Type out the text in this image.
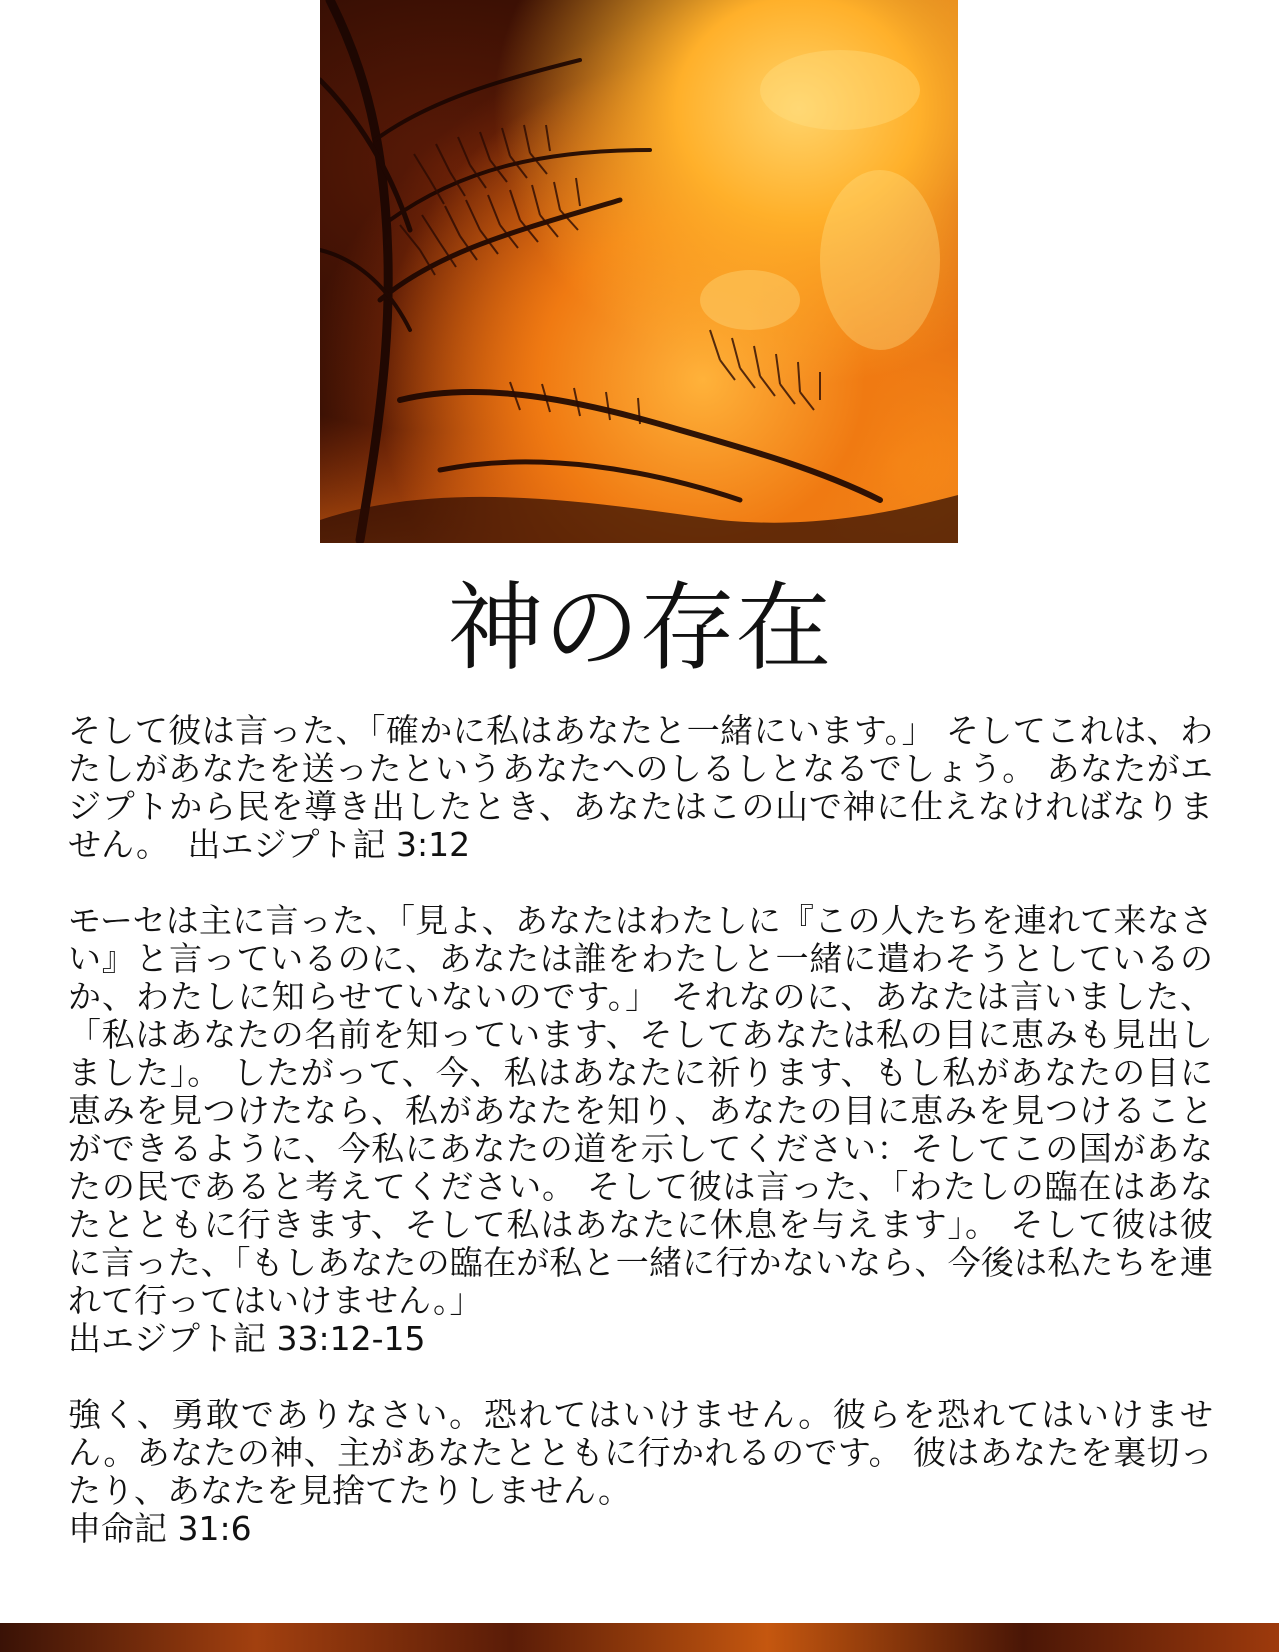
神の存在
そして彼は言った、「確かに私はあなたと一緒にいます。」 そしてこれは、わたしがあなたを送ったというあなたへのしるしとなるでしょう。 あなたがエジプトから民を導き出したとき、あなたはこの山で神に仕えなければなりません。 出エジプト記 3:12
モーセは主に言った、「見よ、あなたはわたしに『この人たちを連れて来なさい』と言っているのに、あなたは誰をわたしと一緒に遣わそうとしているのか、わたしに知らせていないのです。」 それなのに、あなたは言いました、「私はあなたの名前を知っています、そしてあなたは私の目に恵みも見出しました」。 したがって、今、私はあなたに祈ります、もし私があなたの目に恵みを見つけたなら、私があなたを知り、あなたの目に恵みを見つけることができるように、今私にあなたの道を示してください：そしてこの国があなたの民であると考えてください。 そして彼は言った、「わたしの臨在はあなたとともに行きます、そして私はあなたに休息を与えます」。 そして彼は彼に言った、「もしあなたの臨在が私と一緒に行かないなら、今後は私たちを連れて行ってはいけません。」
出エジプト記 33:12-15
強く、勇敢でありなさい。恐れてはいけません。彼らを恐れてはいけません。あなたの神、主があなたとともに行かれるのです。 彼はあなたを裏切ったり、あなたを見捨てたりしません。
申命記 31:6
